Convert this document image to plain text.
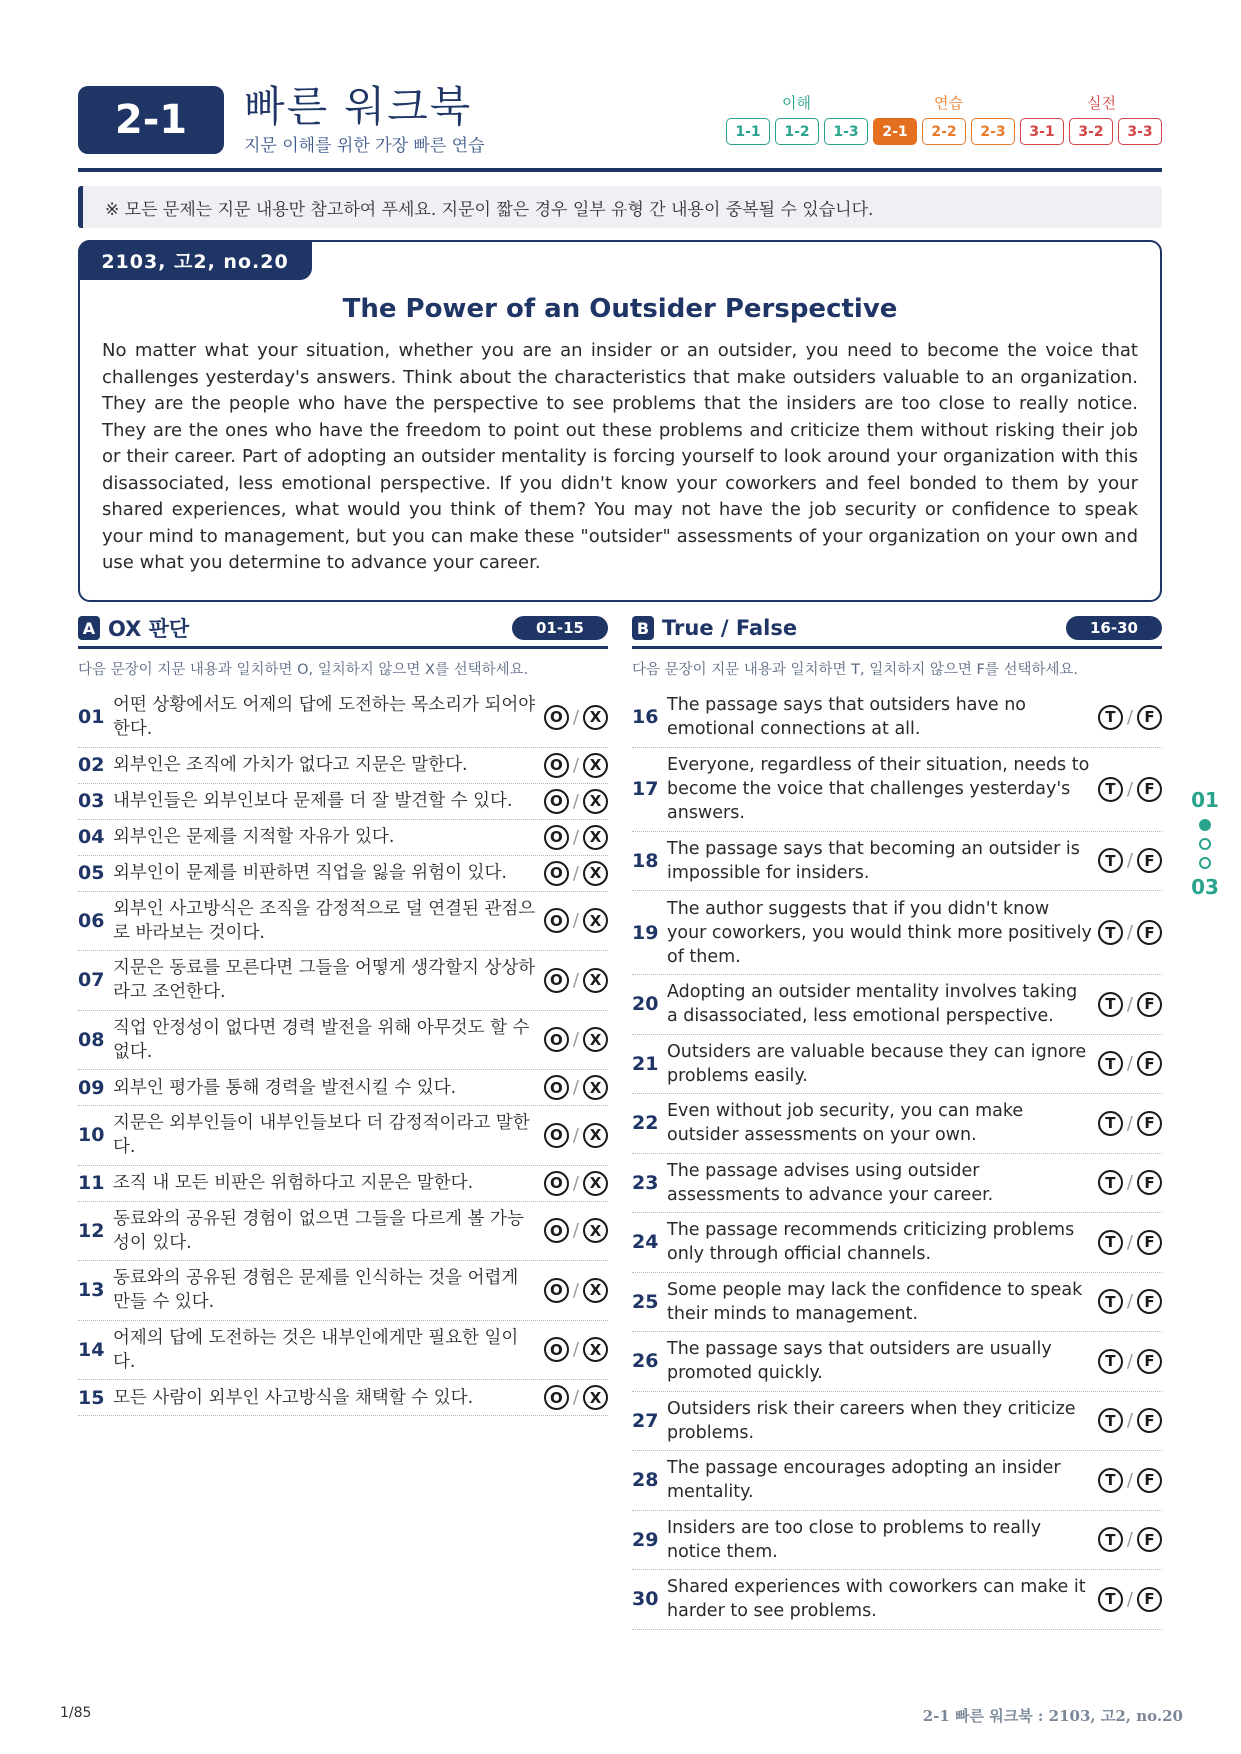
2-1	빠른 워크북
지문 이해를 위한 가장 빠른 연습
이해	연습	실전
1-1	1-2	1-3	2-1	2-2	2-3	3-1	3-2	3-3
※ 모든 문제는 지문 내용만 참고하여 푸세요. 지문이 짧은 경우 일부 유형 간 내용이 중복될 수 있습니다.
2103, 고2, no.20
The Power of an Outsider Perspective

No matter what your situation, whether you are an insider or an outsider, you need to become the voice that challenges yesterday's answers. Think about the characteristics that make outsiders valuable to an organization. They are the people who have the perspective to see problems that the insiders are too close to really notice. They are the ones who have the freedom to point out these problems and criticize them without risking their job or their career. Part of adopting an outsider mentality is forcing yourself to look around your organization with this disassociated, less emotional perspective. If you didn't know your coworkers and feel bonded to them by your shared experiences, what would you think of them? You may not have the job security or confidence to speak your mind to management, but you can make these "outsider" assessments of your organization on your own and use what you determine to advance your career.

A OX 판단	01-15
다음 문장이 지문 내용과 일치하면 O, 일치하지 않으면 X를 선택하세요.
01
어떤 상황에서도 어제의 답에 도전하는 목소리가 되어야 한다.
O / X
02 외부인은 조직에 가치가 없다고 지문은 말한다.	O / X
03 내부인들은 외부인보다 문제를 더 잘 발견할 수 있다.	O / X
04 외부인은 문제를 지적할 자유가 있다.	O / X
05 외부인이 문제를 비판하면 직업을 잃을 위험이 있다.	O / X
06
외부인 사고방식은 조직을 감정적으로 덜 연결된 관점으로 바라보는 것이다.
O / X
07
지문은 동료를 모른다면 그들을 어떻게 생각할지 상상하라고 조언한다.
O / X
08
직업 안정성이 없다면 경력 발전을 위해 아무것도 할 수 없다.
O / X
09 외부인 평가를 통해 경력을 발전시킬 수 있다.	O / X
10
지문은 외부인들이 내부인들보다 더 감정적이라고 말한다.
O / X
11 조직 내 모든 비판은 위험하다고 지문은 말한다.	O / X
12
동료와의 공유된 경험이 없으면 그들을 다르게 볼 가능성이 있다.
O / X
13
동료와의 공유된 경험은 문제를 인식하는 것을 어렵게 만들 수 있다.
O / X
14
어제의 답에 도전하는 것은 내부인에게만 필요한 일이다.
O / X
15 모든 사람이 외부인 사고방식을 채택할 수 있다.	O / X
B True / False	16-30
다음 문장이 지문 내용과 일치하면 T, 일치하지 않으면 F를 선택하세요.
16
The passage says that outsiders have no emotional connections at all.
T / F
17
Everyone, regardless of their situation, needs to become the voice that challenges yesterday's answers.
T / F
18
The passage says that becoming an outsider is impossible for insiders.
T / F
19
The author suggests that if you didn't know your coworkers, you would think more positively of them.
T / F
20
Adopting an outsider mentality involves taking a disassociated, less emotional perspective.
T / F
21
Outsiders are valuable because they can ignore problems easily.
T / F
22
Even without job security, you can make outsider assessments on your own.
T / F
23
The passage advises using outsider assessments to advance your career.
T / F
24
The passage recommends criticizing problems only through official channels.
T / F
25
Some people may lack the confidence to speak their minds to management.
T / F
26
The passage says that outsiders are usually promoted quickly.
T / F
27
Outsiders risk their careers when they criticize problems.
T / F
28
The passage encourages adopting an insider mentality.
T / F
29
Insiders are too close to problems to really notice them.
T / F
30
Shared experiences with coworkers can make it harder to see problems.
T / F
01
03
1/85	2-1 빠른 워크북 : 2103, 고2, no.20
